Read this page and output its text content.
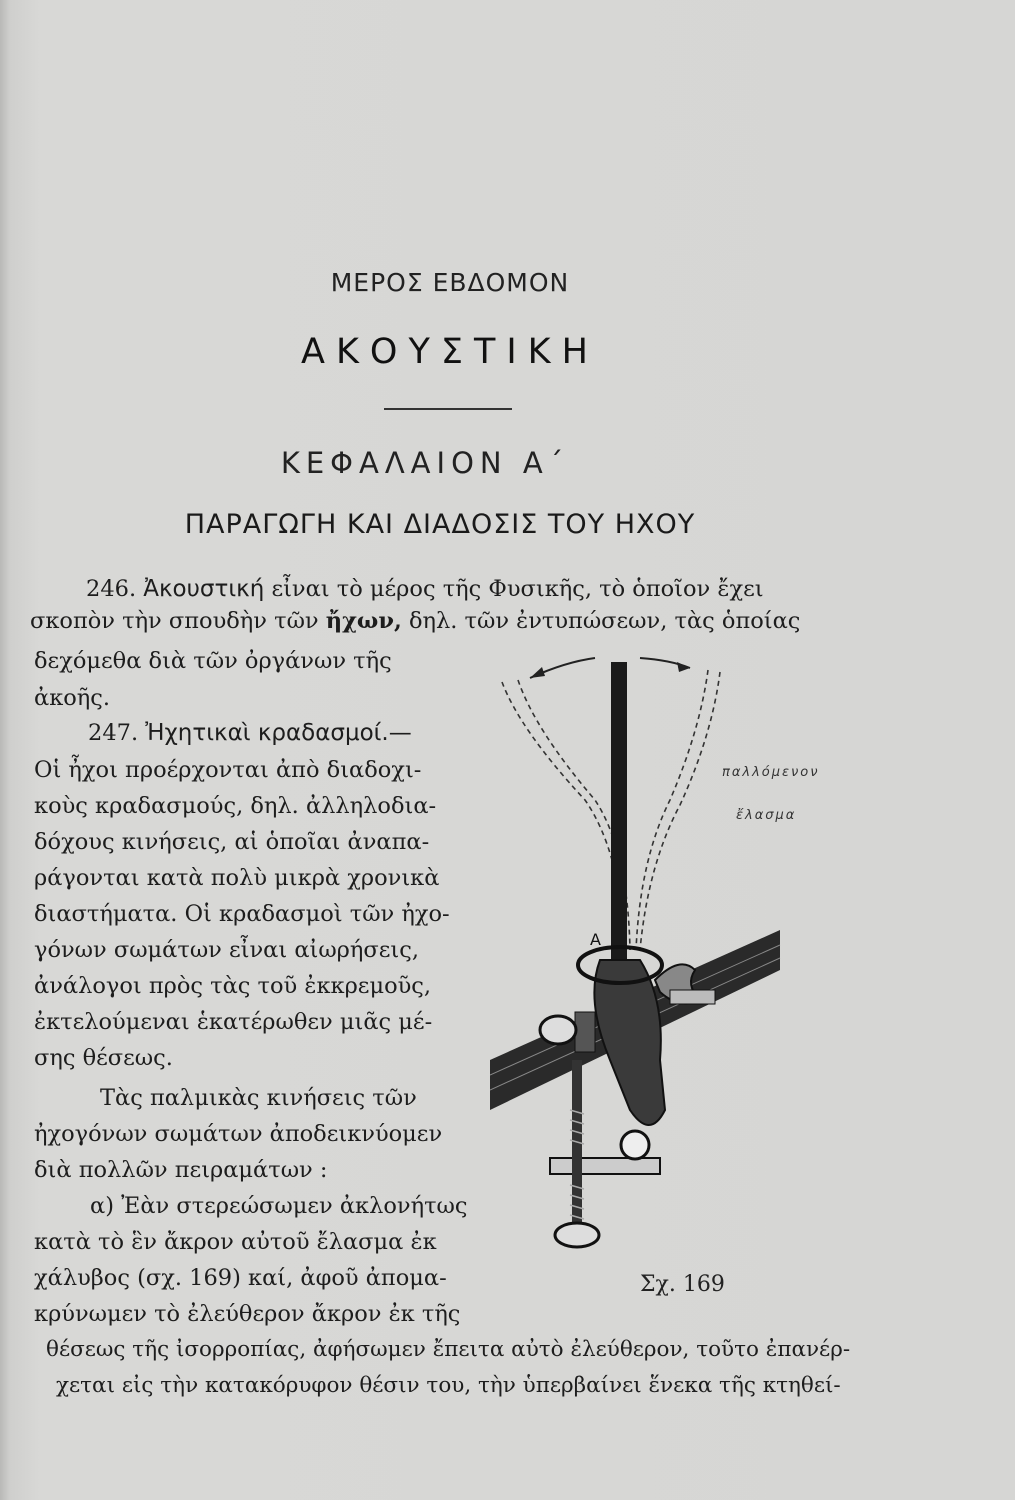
ΜΕΡΟΣ ΕΒΔΟΜΟΝ
ΑΚΟΥΣΤΙΚΗ
ΚΕΦΑΛΑΙΟΝ Α΄
ΠΑΡΑΓΩΓΗ ΚΑΙ ΔΙΑΔΟΣΙΣ ΤΟΥ ΗΧΟΥ
246. Ἀκουστική εἶναι τὸ μέρος τῆς Φυσικῆς, τὸ ὁποῖον ἔχει
σκοπὸν τὴν σπουδὴν τῶν ἤχων, δηλ. τῶν ἐντυπώσεων, τὰς ὁποίας
δεχόμεθα διὰ τῶν ὀργάνων τῆς
ἀκοῆς.
247. Ἠχητικαὶ κραδασμοί.—
Οἱ ἦχοι προέρχονται ἀπὸ διαδοχι-
κοὺς κραδασμούς, δηλ. ἀλληλοδια-
δόχους κινήσεις, αἱ ὁποῖαι ἀναπα-
ράγονται κατὰ πολὺ μικρὰ χρονικὰ
διαστήματα. Οἱ κραδασμοὶ τῶν ἠχο-
γόνων σωμάτων εἶναι αἰωρήσεις,
ἀνάλογοι πρὸς τὰς τοῦ ἐκκρεμοῦς,
ἐκτελούμεναι ἑκατέρωθεν μιᾶς μέ-
σης θέσεως.
Τὰς παλμικὰς κινήσεις τῶν
ἠχογόνων σωμάτων ἀποδεικνύομεν
διὰ πολλῶν πειραμάτων :
α) Ἐὰν στερεώσωμεν ἀκλονήτως
κατὰ τὸ ἓν ἄκρον αὐτοῦ ἔλασμα ἐκ
χάλυβος (σχ. 169) καί, ἀφοῦ ἀπομα-
κρύνωμεν τὸ ἐλεύθερον ἄκρον ἐκ τῆς
θέσεως τῆς ἰσορροπίας, ἀφήσωμεν ἔπειτα αὐτὸ ἐλεύθερον, τοῦτο ἐπανέρ-
χεται εἰς τὴν κατακόρυφον θέσιν του, τὴν ὑπερβαίνει ἕνεκα τῆς κτηθεί-
Α
παλλόμενον
ἔλασμα
Σχ. 169
